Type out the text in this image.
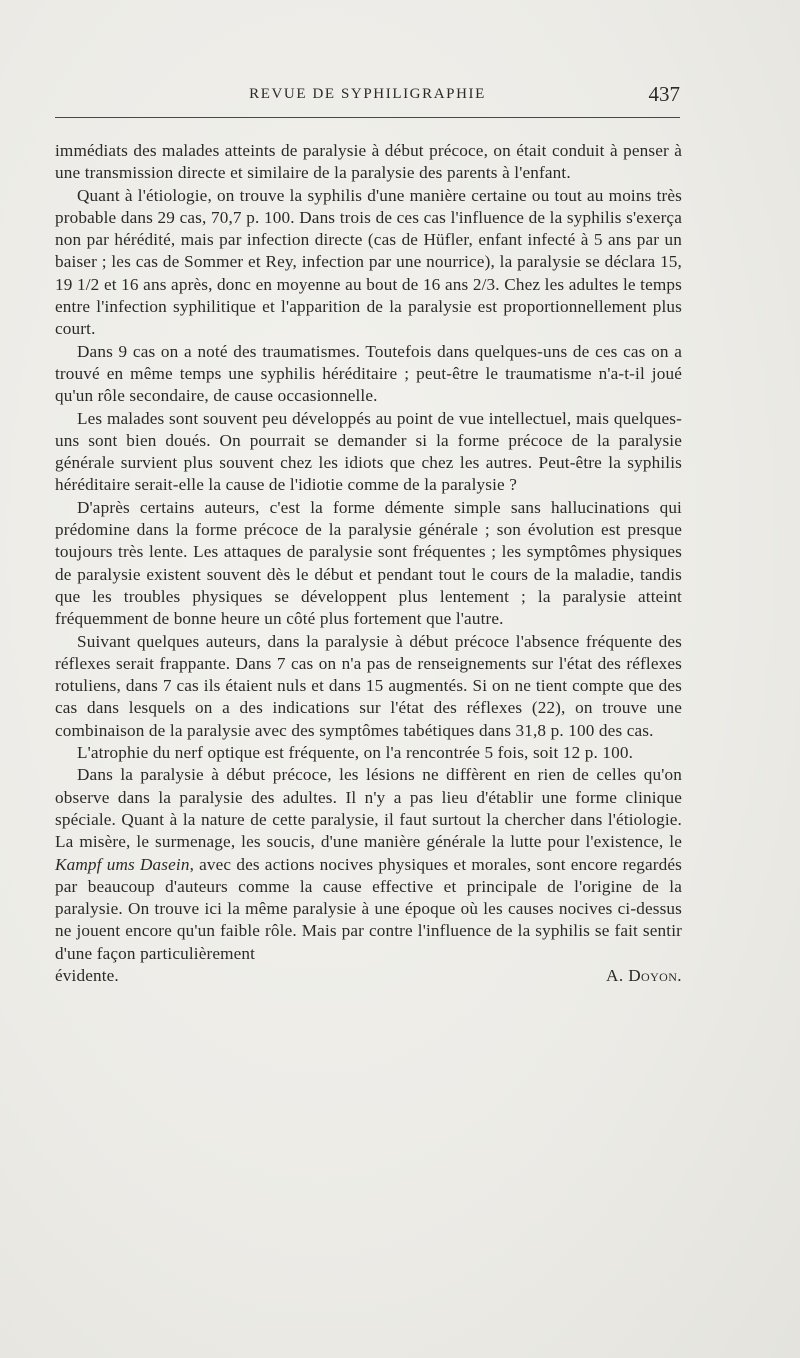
REVUE DE SYPHILIGRAPHIE	437

immédiats des malades atteints de paralysie à début précoce, on était conduit à penser à une transmission directe et similaire de la paralysie des parents à l'enfant.

Quant à l'étiologie, on trouve la syphilis d'une manière certaine ou tout au moins très probable dans 29 cas, 70,7 p. 100. Dans trois de ces cas l'influence de la syphilis s'exerça non par hérédité, mais par infection directe (cas de Hüfler, enfant infecté à 5 ans par un baiser ; les cas de Sommer et Rey, infection par une nourrice), la paralysie se déclara 15, 19 1/2 et 16 ans après, donc en moyenne au bout de 16 ans 2/3. Chez les adultes le temps entre l'infection syphilitique et l'apparition de la paralysie est proportionnellement plus court.

Dans 9 cas on a noté des traumatismes. Toutefois dans quelques-uns de ces cas on a trouvé en même temps une syphilis héréditaire ; peut-être le traumatisme n'a-t-il joué qu'un rôle secondaire, de cause occasionnelle.

Les malades sont souvent peu développés au point de vue intellectuel, mais quelques-uns sont bien doués. On pourrait se demander si la forme précoce de la paralysie générale survient plus souvent chez les idiots que chez les autres. Peut-être la syphilis héréditaire serait-elle la cause de l'idiotie comme de la paralysie ?

D'après certains auteurs, c'est la forme démente simple sans hallucinations qui prédomine dans la forme précoce de la paralysie générale ; son évolution est presque toujours très lente. Les attaques de paralysie sont fréquentes ; les symptômes physiques de paralysie existent souvent dès le début et pendant tout le cours de la maladie, tandis que les troubles physiques se développent plus lentement ; la paralysie atteint fréquemment de bonne heure un côté plus fortement que l'autre.

Suivant quelques auteurs, dans la paralysie à début précoce l'absence fréquente des réflexes serait frappante. Dans 7 cas on n'a pas de renseignements sur l'état des réflexes rotuliens, dans 7 cas ils étaient nuls et dans 15 augmentés. Si on ne tient compte que des cas dans lesquels on a des indications sur l'état des réflexes (22), on trouve une combinaison de la paralysie avec des symptômes tabétiques dans 31,8 p. 100 des cas.

L'atrophie du nerf optique est fréquente, on l'a rencontrée 5 fois, soit 12 p. 100.

Dans la paralysie à début précoce, les lésions ne diffèrent en rien de celles qu'on observe dans la paralysie des adultes. Il n'y a pas lieu d'établir une forme clinique spéciale. Quant à la nature de cette paralysie, il faut surtout la chercher dans l'étiologie. La misère, le surmenage, les soucis, d'une manière générale la lutte pour l'existence, le Kampf ums Dasein, avec des actions nocives physiques et morales, sont encore regardés par beaucoup d'auteurs comme la cause effective et principale de l'origine de la paralysie. On trouve ici la même paralysie à une époque où les causes nocives ci-dessus ne jouent encore qu'un faible rôle. Mais par contre l'influence de la syphilis se fait sentir d'une façon particulièrement

évidente.	A. Doyon.
